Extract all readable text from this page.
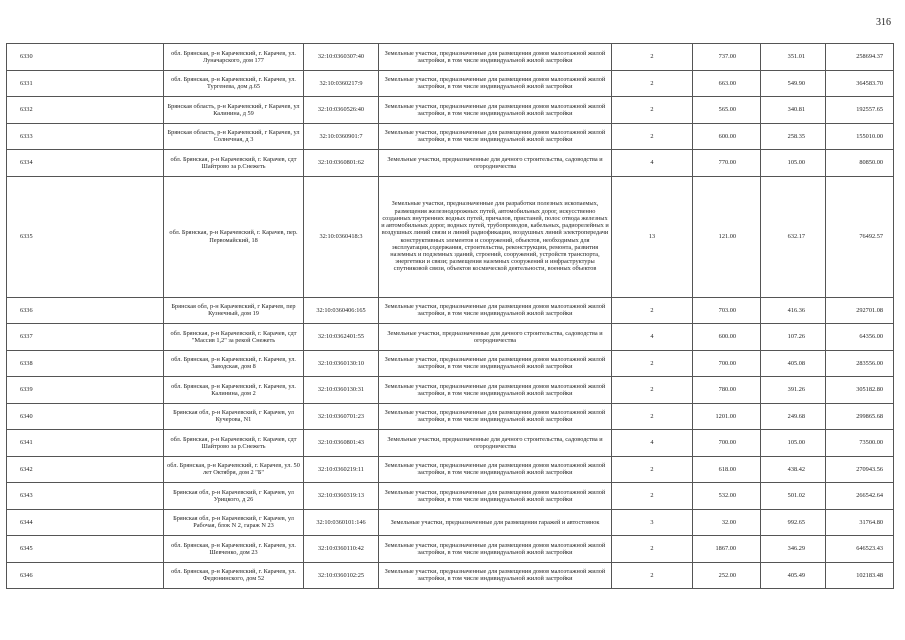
316
6330	обл. Брянская, р-н Карачевский, г. Карачев, ул. Луначарского, дом 177	32:10:0360307:40	Земельные участки, предназначенные для размещения домов малоэтажной жилой застройки, в том числе индивидуальной жилой застройки	2	737.00	351.01	258694.37
6331	обл. Брянская, р-н Карачевский, г. Карачев, ул. Тургенева, дом д.65	32:10:0360217:9	Земельные участки, предназначенные для размещения домов малоэтажной жилой застройки, в том числе индивидуальной жилой застройки	2	663.00	549.90	364583.70
6332	Брянская область, р-н Карачевский, г Карачев, ул Калинина, д 59	32:10:0360526:40	Земельные участки, предназначенные для размещения домов малоэтажной жилой застройки, в том числе индивидуальной жилой застройки	2	565.00	340.81	192557.65
6333	Брянская область, р-н Карачевский, г Карачев, ул Солнечная, д 3	32:10:0360901:7	Земельные участки, предназначенные для размещения домов малоэтажной жилой застройки, в том числе индивидуальной жилой застройки	2	600.00	258.35	155010.00
6334	обл. Брянская, р-н Карачевский, г. Карачев, сдт Шайтрово за р.Снежеть	32:10:0360801:62	Земельные участки, предназначенные для дачного строительства, садоводства и огородничества	4	770.00	105.00	80850.00
6335	обл. Брянская, р-н Карачевский, г. Карачев, пер. Первомайский, 18	32:10:0360418:3	Земельные участки, предназначенные для разработки полезных ископаемых, размещения железнодорожных путей, автомобильных дорог, искусственно созданных внутренних водных путей, причалов, пристаней, полос отвода железных и автомобильных дорог, водных путей, трубопроводов, кабельных, радиорелейных и воздушных линий связи и линий радиофикации, воздушных линий электропередачи конструктивных элементов и сооружений, объектов, необходимых для эксплуатации,содержания, строительства, реконструкции, ремонта, развития наземных и подземных зданий, строений, сооружений, устройств транспорта, энергетики и связи; размещения наземных сооружений и инфраструктуры спутниковой связи, объектов космической деятельности, военных объектов	13	121.00	632.17	76492.57
6336	Брянская обл, р-н Карачевский, г Карачев, пер Кузнечный, дом 19	32:10:0360406:165	Земельные участки, предназначенные для размещения домов малоэтажной жилой застройки, в том числе индивидуальной жилой застройки	2	703.00	416.36	292701.08
6337	обл. Брянская, р-н Карачевский, г. Карачев, сдт "Массив 1,2" за рекой Снежеть	32:10:0362401:55	Земельные участки, предназначенные для дачного строительства, садоводства и огородничества	4	600.00	107.26	64356.00
6338	обл. Брянская, р-н Карачевский, г. Карачев, ул. Заводская, дом 8	32:10:0360130:10	Земельные участки, предназначенные для размещения домов малоэтажной жилой застройки, в том числе индивидуальной жилой застройки	2	700.00	405.08	283556.00
6339	обл. Брянская, р-н Карачевский, г. Карачев, ул. Калинина, дом 2	32:10:0360130:31	Земельные участки, предназначенные для размещения домов малоэтажной жилой застройки, в том числе индивидуальной жилой застройки	2	780.00	391.26	305182.80
6340	Брянская обл, р-н Карачевский, г Карачев, ул Кучерова, N1	32:10:0360701:23	Земельные участки, предназначенные для размещения домов малоэтажной жилой застройки, в том числе индивидуальной жилой застройки	2	1201.00	249.68	299865.68
6341	обл. Брянская, р-н Карачевский, г. Карачев, сдт Шайтрово за р.Снежеть	32:10:0360801:43	Земельные участки, предназначенные для дачного строительства, садоводства и огородничества	4	700.00	105.00	73500.00
6342	обл. Брянская, р-н Карачевский, г. Карачев, ул. 50 лет Октября, дом 2 "Б"	32:10:0360219:11	Земельные участки, предназначенные для размещения домов малоэтажной жилой застройки, в том числе индивидуальной жилой застройки	2	618.00	438.42	270943.56
6343	Брянская обл, р-н Карачевский, г Карачев, ул Урицкого, д 26	32:10:0360319:13	Земельные участки, предназначенные для размещения домов малоэтажной жилой застройки, в том числе индивидуальной жилой застройки	2	532.00	501.02	266542.64
6344	Брянская обл, р-н Карачевский, г Карачев, ул Рабочая, блок N 2, гараж N 23	32:10:0360101:146	Земельные участки, предназначенные для размещения гаражей и автостоянок	3	32.00	992.65	31764.80
6345	обл. Брянская, р-н Карачевский, г. Карачев, ул. Шевченко, дом 23	32:10:0360110:42	Земельные участки, предназначенные для размещения домов малоэтажной жилой застройки, в том числе индивидуальной жилой застройки	2	1867.00	346.29	646523.43
6346	обл. Брянская, р-н Карачевский, г. Карачев, ул. Федюнинского, дом 52	32:10:0360102:25	Земельные участки, предназначенные для размещения домов малоэтажной жилой застройки, в том числе индивидуальной жилой застройки	2	252.00	405.49	102183.48
